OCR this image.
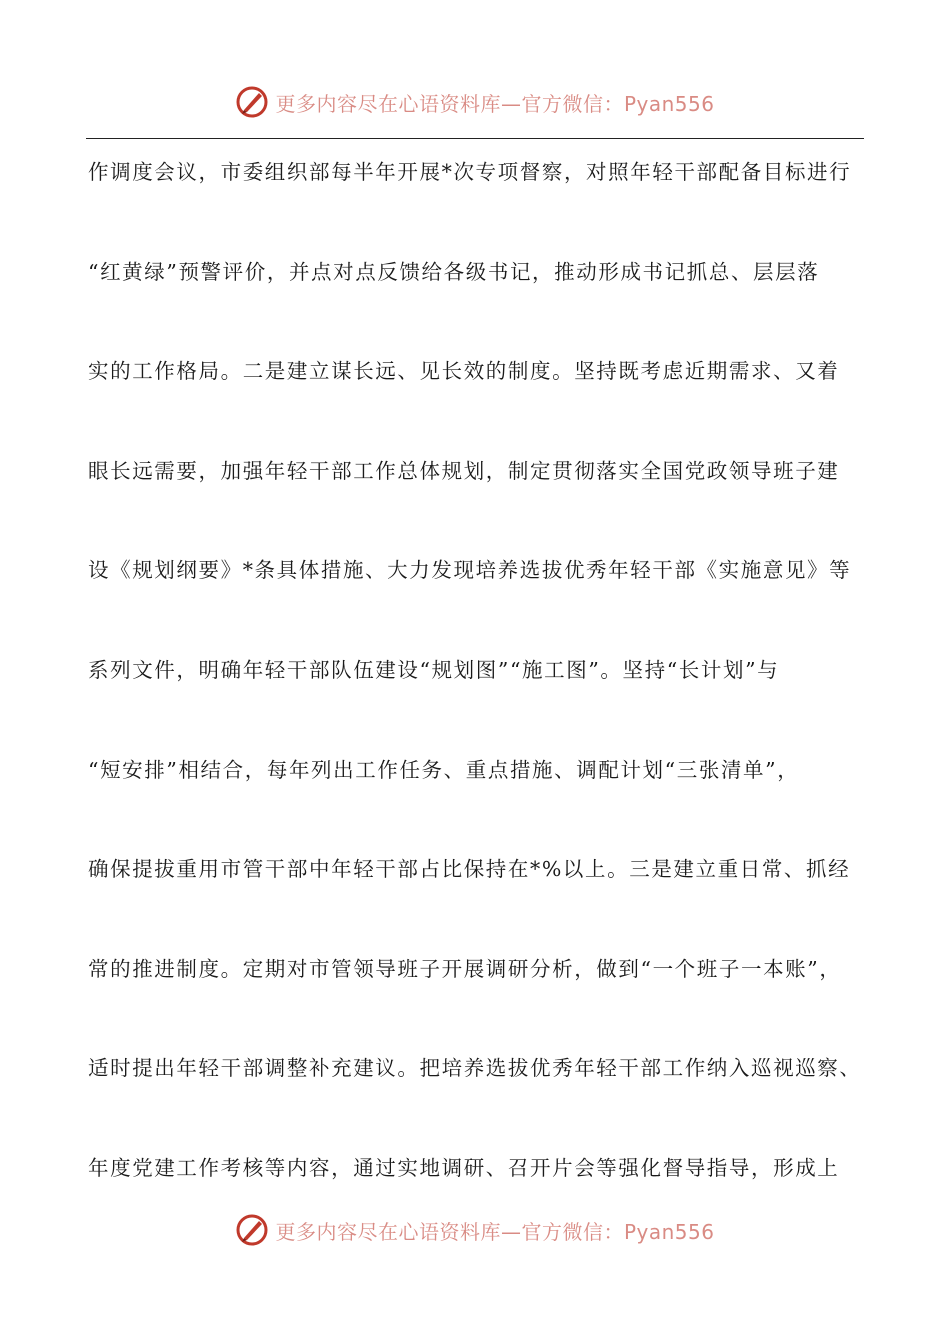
更多内容尽在心语资料库—官方微信：Pyan556
作调度会议，市委组织部每半年开展*次专项督察，对照年轻干部配备目标进行
“红黄绿”预警评价，并点对点反馈给各级书记，推动形成书记抓总、层层落
实的工作格局。二是建立谋长远、见长效的制度。坚持既考虑近期需求、又着
眼长远需要，加强年轻干部工作总体规划，制定贯彻落实全国党政领导班子建
设《规划纲要》*条具体措施、大力发现培养选拔优秀年轻干部《实施意见》等
系列文件，明确年轻干部队伍建设“规划图”“施工图”。坚持“长计划”与
“短安排”相结合，每年列出工作任务、重点措施、调配计划“三张清单”，
确保提拔重用市管干部中年轻干部占比保持在*%以上。三是建立重日常、抓经
常的推进制度。定期对市管领导班子开展调研分析，做到“一个班子一本账”，
适时提出年轻干部调整补充建议。把培养选拔优秀年轻干部工作纳入巡视巡察、
年度党建工作考核等内容，通过实地调研、召开片会等强化督导指导，形成上
更多内容尽在心语资料库—官方微信：Pyan556
